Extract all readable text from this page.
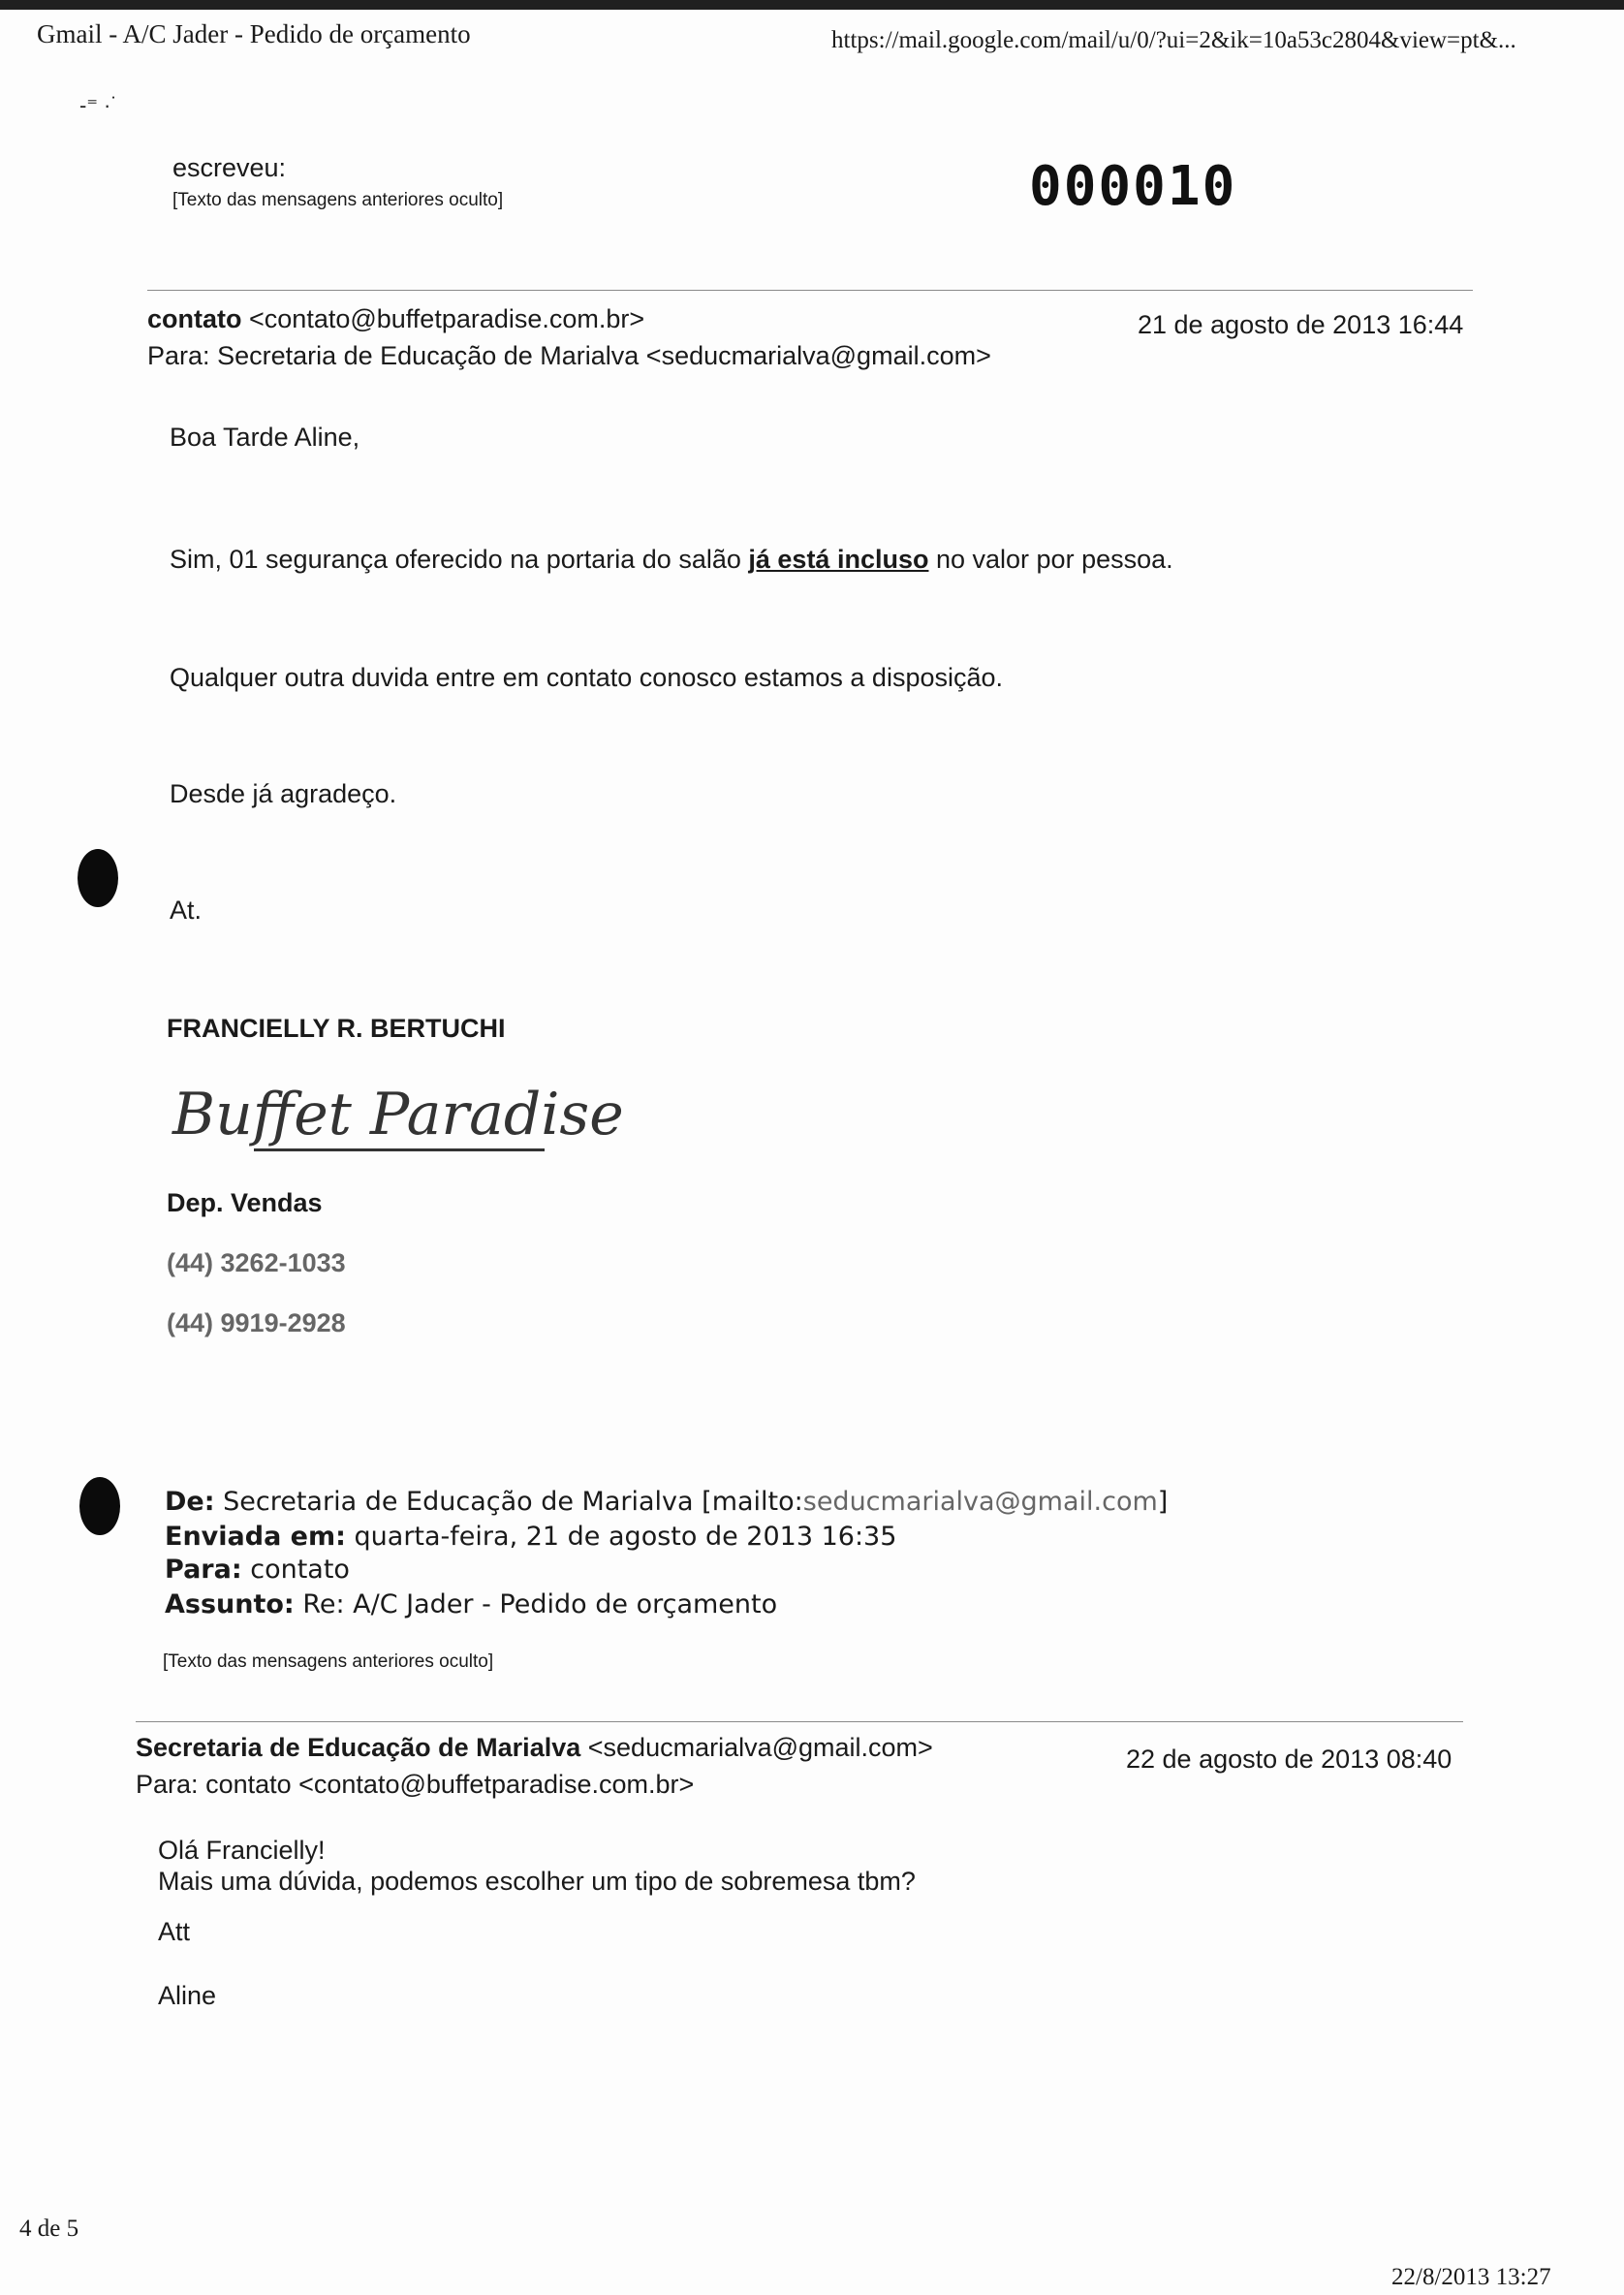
Gmail - A/C Jader - Pedido de orçamento	https://mail.google.com/mail/u/0/?ui=2&ik=10a53c2804&view=pt&...
-⁼ ·˙
000010
escreveu:
[Texto das mensagens anteriores oculto]
contato <contato@buffetparadise.com.br>	21 de agosto de 2013 16:44
Para: Secretaria de Educação de Marialva <seducmarialva@gmail.com>
Boa Tarde Aline,
Sim, 01 segurança oferecido na portaria do salão já está incluso no valor por pessoa.
Qualquer outra duvida entre em contato conosco estamos a disposição.
Desde já agradeço.
At.
FRANCIELLY R. BERTUCHI
Buffet Paradise
Dep. Vendas
(44) 3262-1033
(44) 9919-2928
De: Secretaria de Educação de Marialva [mailto:seducmarialva@gmail.com]
Enviada em: quarta-feira, 21 de agosto de 2013 16:35
Para: contato
Assunto: Re: A/C Jader - Pedido de orçamento
[Texto das mensagens anteriores oculto]
Secretaria de Educação de Marialva <seducmarialva@gmail.com>	22 de agosto de 2013 08:40
Para: contato <contato@buffetparadise.com.br>
Olá Francielly!
Mais uma dúvida, podemos escolher um tipo de sobremesa tbm?
Att
Aline
4 de 5
22/8/2013 13:27
